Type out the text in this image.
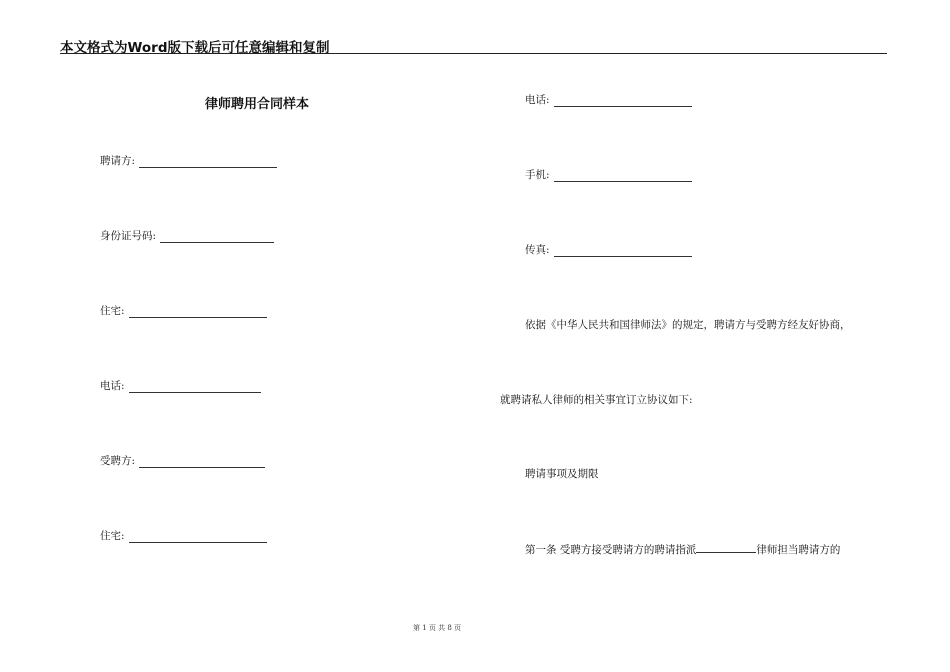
本文格式为Word版下载后可任意编辑和复制
律师聘用合同样本
聘请方:
身份证号码:
住宅:
电话:
受聘方:
住宅:
电话:
手机:
传真:
依据《中华人民共和国律师法》的规定，聘请方与受聘方经友好协商，
就聘请私人律师的相关事宜订立协议如下:
聘请事项及期限
第一条 受聘方接受聘请方的聘请指派	律师担当聘请方的
第 1 页 共 8 页
